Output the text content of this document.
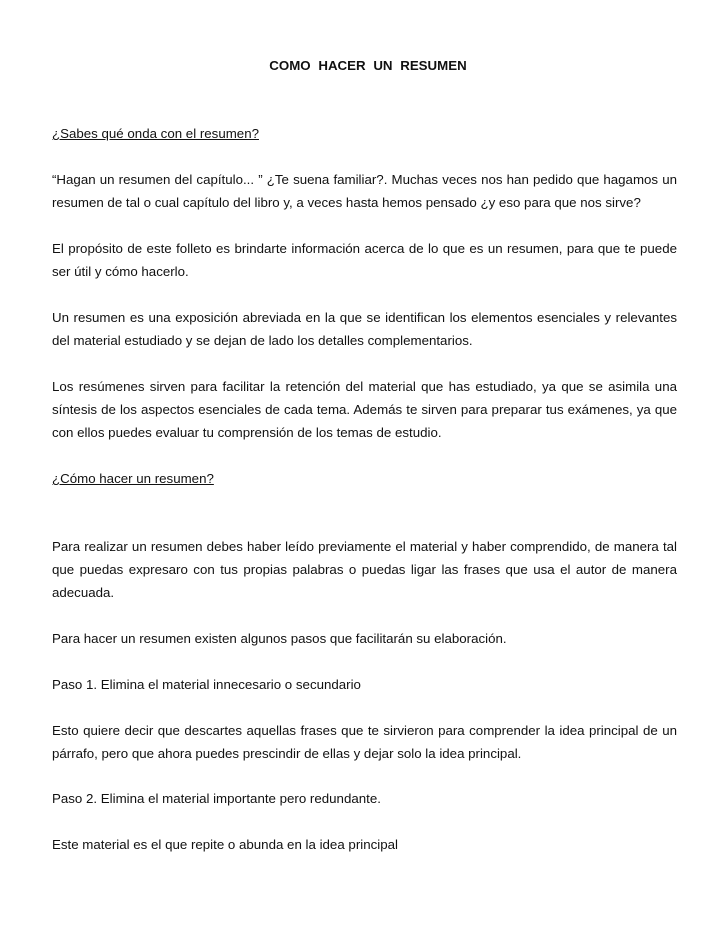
COMO HACER UN RESUMEN
¿Sabes qué onda con el resumen?
“Hagan un resumen del capítulo... ” ¿Te suena familiar?. Muchas veces nos han pedido que hagamos un resumen de tal o cual capítulo del libro y, a veces hasta hemos pensado ¿y eso para que nos sirve?
El propósito de este folleto es brindarte información acerca de lo que es un resumen, para que te puede ser útil y cómo hacerlo.
Un resumen es una exposición abreviada en la que se identifican los elementos esenciales y relevantes del material estudiado y se dejan de lado los detalles complementarios.
Los resúmenes sirven para facilitar la retención del material que has estudiado, ya que se asimila una síntesis de los aspectos esenciales de cada tema. Además te sirven para preparar tus exámenes, ya que con ellos puedes evaluar tu comprensión de los temas de estudio.
¿Cómo hacer un resumen?
Para realizar un resumen debes haber leído previamente el material y haber comprendido, de manera tal que puedas expresaro con tus propias palabras o puedas ligar las frases que usa el autor de manera adecuada.
Para hacer un resumen existen algunos pasos que facilitarán su elaboración.
Paso 1. Elimina el material innecesario o secundario
Esto quiere decir que descartes aquellas frases que te sirvieron para comprender la idea principal de un párrafo, pero que ahora puedes prescindir de ellas y dejar solo la idea principal.
Paso 2. Elimina el material importante pero redundante.
Este material es el que repite o abunda en la idea principal
